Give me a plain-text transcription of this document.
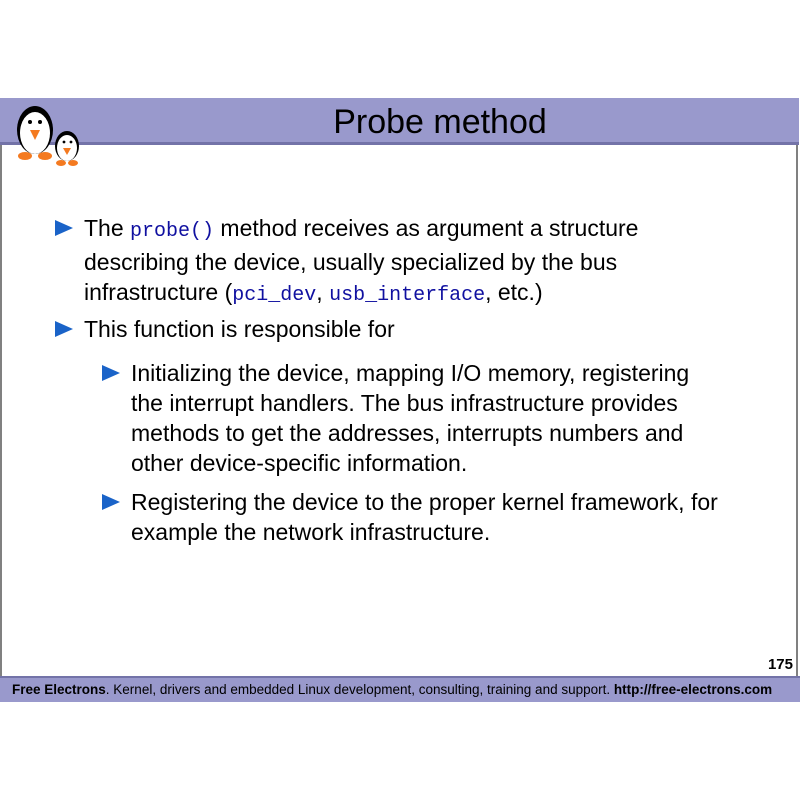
Probe method
The probe() method receives as argument a structure describing the device, usually specialized by the bus infrastructure (pci_dev, usb_interface, etc.)
This function is responsible for
Initializing the device, mapping I/O memory, registering the interrupt handlers. The bus infrastructure provides methods to get the addresses, interrupts numbers and other device-specific information.
Registering the device to the proper kernel framework, for example the network infrastructure.
175
Free Electrons. Kernel, drivers and embedded Linux development, consulting, training and support. http://free-electrons.com
